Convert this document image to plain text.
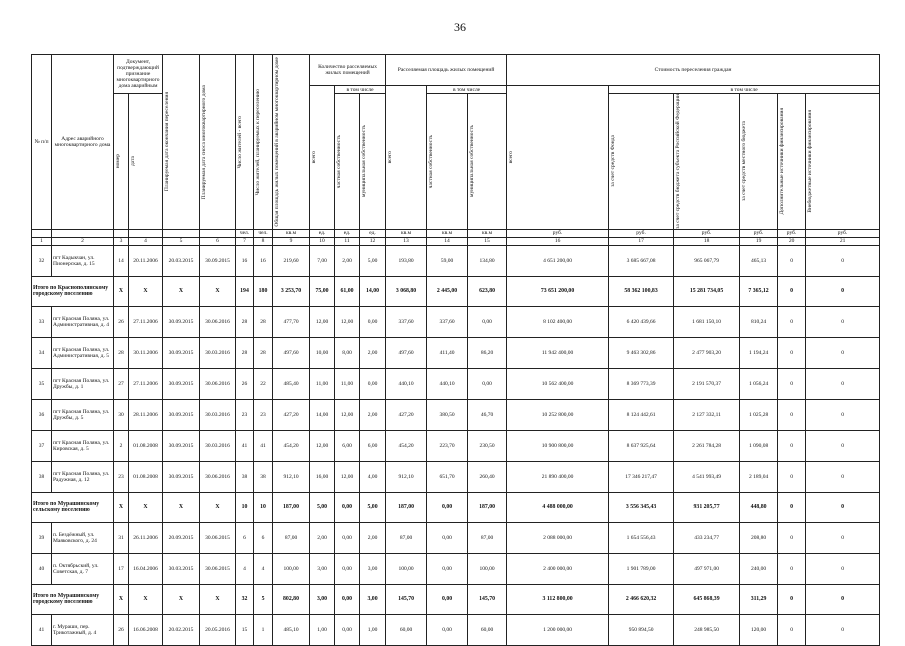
36
№ п/п	Адрес аварийного многоквартирного дома	Документ, подтверждающий признание многоквартирного дома аварийным		Планируемая дата окончания переселения	Планируемая дата сноса многоквартирного дома	Число жителей - всего	Число жителей, планируемых к переселению	Общая площадь жилых помещений в аварийном многоквартирном доме	Количество расселяемых жилых помещений			Расселяемая площадь жилых помещений			Стоимость переселения граждан					

									всего	в том числе		всего	в том числе		всего	в том числе				

		номер	дата							частная собственность	муниципальная собственность		частная собственность	муниципальная собственность		за счет средств Фонда	за счет средств бюджета субъекта Российской Федерации	за счет средств местного бюджета	Дополнительные источники финансирования	Внебюджетные источники финансирования

						чел.	чел.	кв.м	ед.	ед.	ед.	кв.м	кв.м	кв.м	руб.	руб.	руб.	руб.	руб.	руб.
1	2	3	4	5	6	7	8	9	10	11	12	13	14	15	16	17	18	19	20	21
32	пгт Кадыкчан, ул. Пионерская, д. 15	14	20.11.2006	20.03.2015	30.09.2015	16	16	219,60	7,00	2,00	5,00	193,80	59,00	134,80	4 651 200,00	3 685 667,08	965 067,79	465,13	0	0
Итого по Краснополянскому городскому поселению		X	X	X	X	194	180	3 253,70	75,00	61,00	14,00	3 068,80	2 445,00	623,80	73 651 200,00	58 362 100,83	15 281 734,05	7 365,12	0	0
33	пгт Красная Поляна, ул. Административная, д. 4	26	27.11.2006	30.09.2015	30.06.2016	28	28	477,70	12,00	12,00	0,00	337,60	337,60	0,00	8 102 400,00	6 420 439,66	1 681 150,10	810,24	0	0
34	пгт Красная Поляна, ул. Административная, д. 5	28	30.11.2006	30.09.2015	30.03.2016	28	28	497,60	10,00	8,00	2,00	497,60	411,40	86,20	11 942 400,00	9 463 302,86	2 477 903,20	1 194,24	0	0
35	пгт Красная Поляна, ул. Дружбы, д. 1	27	27.11.2006	30.09.2015	30.06.2016	26	22	485,40	11,00	11,00	0,00	440,10	440,10	0,00	10 562 400,00	8 369 773,39	2 191 570,37	1 056,24	0	0
36	пгт Красная Поляна, ул. Дружбы, д. 5	30	28.11.2006	30.09.2015	30.03.2016	23	23	427,20	14,00	12,00	2,00	427,20	380,50	46,70	10 252 800,00	8 124 442,61	2 127 332,11	1 025,28	0	0
37	пгт Красная Поляна, ул. Кировская, д. 5	2	01.08.2008	30.09.2015	30.03.2016	41	41	454,20	12,00	6,00	6,00	454,20	223,70	230,50	10 900 800,00	8 637 925,64	2 261 784,28	1 090,08	0	0
38	пгт Красная Поляна, ул. Радужная, д. 12	23	01.08.2008	30.09.2015	30.06.2016	38	38	912,10	16,00	12,00	4,00	912,10	651,70	260,40	21 890 400,00	17 346 217,47	4 541 993,49	2 189,04	0	0
Итого по Мурашинскому сельскому поселению		X	X	X	X	10	10	187,00	5,00	0,00	5,00	187,00	0,00	187,00	4 488 000,00	3 556 345,43	931 205,77	448,80	0	0
39	п. Бездёжный, ул. Маяковского, д. 24	31	26.11.2006	20.09.2015	30.06.2015	6	6	87,00	2,00	0,00	2,00	87,00	0,00	87,00	2 088 000,00	1 654 556,43	433 234,77	208,80	0	0
40	п. Октябрьский, ул. Советская, д. 7	17	16.04.2006	30.03.2015	30.06.2015	4	4	100,00	3,00	0,00	3,00	100,00	0,00	100,00	2 400 000,00	1 901 789,00	497 971,00	240,00	0	0
Итого по Мурашинскому городскому поселению		X	X	X	X	32	5	802,80	3,00	0,00	3,00	145,70	0,00	145,70	3 112 800,00	2 466 620,32	645 868,39	311,29	0	0
41	г. Мураши, пер. Трикотажный, д. 4	26	16.06.2008	20.02.2015	20.05.2016	15	1	485,10	1,00	0,00	1,00	60,00	0,00	60,00	1 200 000,00	950 894,50	248 985,50	120,00	0	0
